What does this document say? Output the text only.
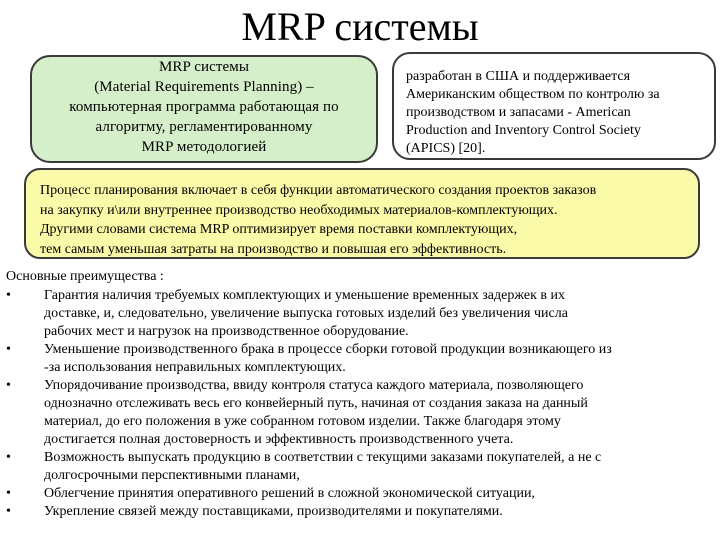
MRP системы
MRP системы
(Material Requirements Planning) –
компьютерная программа работающая по
алгоритму, регламентированному
MRP методологией
разработан в США и поддерживается
Американским обществом по контролю за
производством и запасами - American
Production and Inventory Control Society
(APICS) [20].
Процесс планирования включает в себя функции автоматического создания проектов заказов
на закупку и\или внутреннее производство необходимых материалов-комплектующих.
Другими словами система MRP оптимизирует время поставки комплектующих,
тем самым уменьшая затраты на производство и повышая его эффективность.
Основные преимущества :
•	Гарантия наличия требуемых комплектующих и уменьшение временных задержек в их
доставке, и, следовательно, увеличение выпуска готовых изделий без увеличения числа
рабочих мест и нагрузок на производственное оборудование.
•	Уменьшение производственного брака в процессе сборки готовой продукции возникающего из
-за использования неправильных комплектующих.
•	Упорядочивание производства, ввиду контроля статуса каждого материала, позволяющего
однозначно отслеживать весь его конвейерный путь, начиная от создания заказа на данный
материал, до его положения в уже собранном готовом изделии. Также благодаря этому
достигается полная достоверность и эффективность производственного учета.
•	Возможность выпускать продукцию в соответствии с текущими заказами покупателей, а не с
долгосрочными перспективными планами,
•	Облегчение принятия оперативного решений в сложной экономической ситуации,
•	Укрепление связей между поставщиками, производителями и покупателями.
